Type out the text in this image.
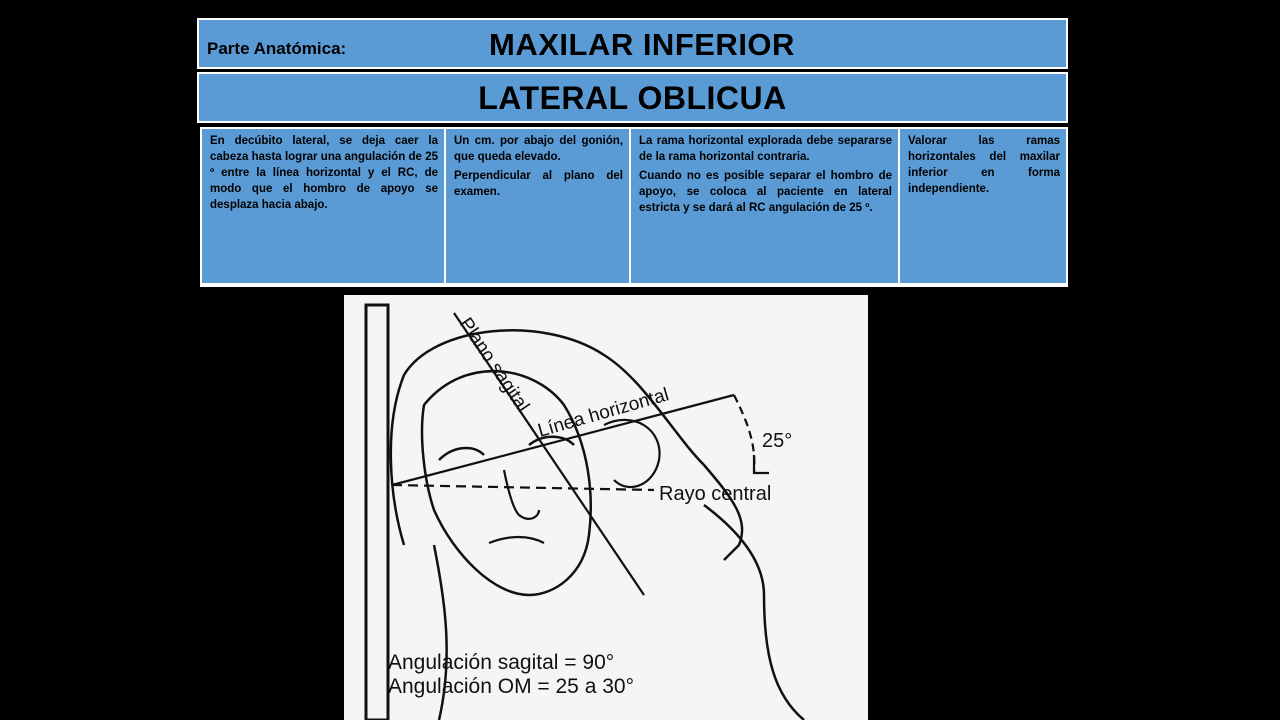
Parte Anatómica:	MAXILAR INFERIOR
LATERAL OBLICUA

En decúbito lateral, se deja caer la cabeza hasta lograr una angulación de 25 º entre la línea horizontal y el RC, de modo que el hombro de apoyo se desplaza hacia abajo.

Un cm. por abajo del gonión, que queda elevado.

Perpendicular al plano del examen.

La rama horizontal explorada debe separarse de la rama horizontal contraria.

Cuando no es posible separar el hombro de apoyo, se coloca al paciente en lateral estricta y se dará al RC angulación de 25 º.

Valorar las ramas horizontales del maxilar inferior en forma independiente.

Plano sagital Línea horizontal	25°
Rayo central
Angulación sagital = 90°
Angulación OM = 25 a 30°
